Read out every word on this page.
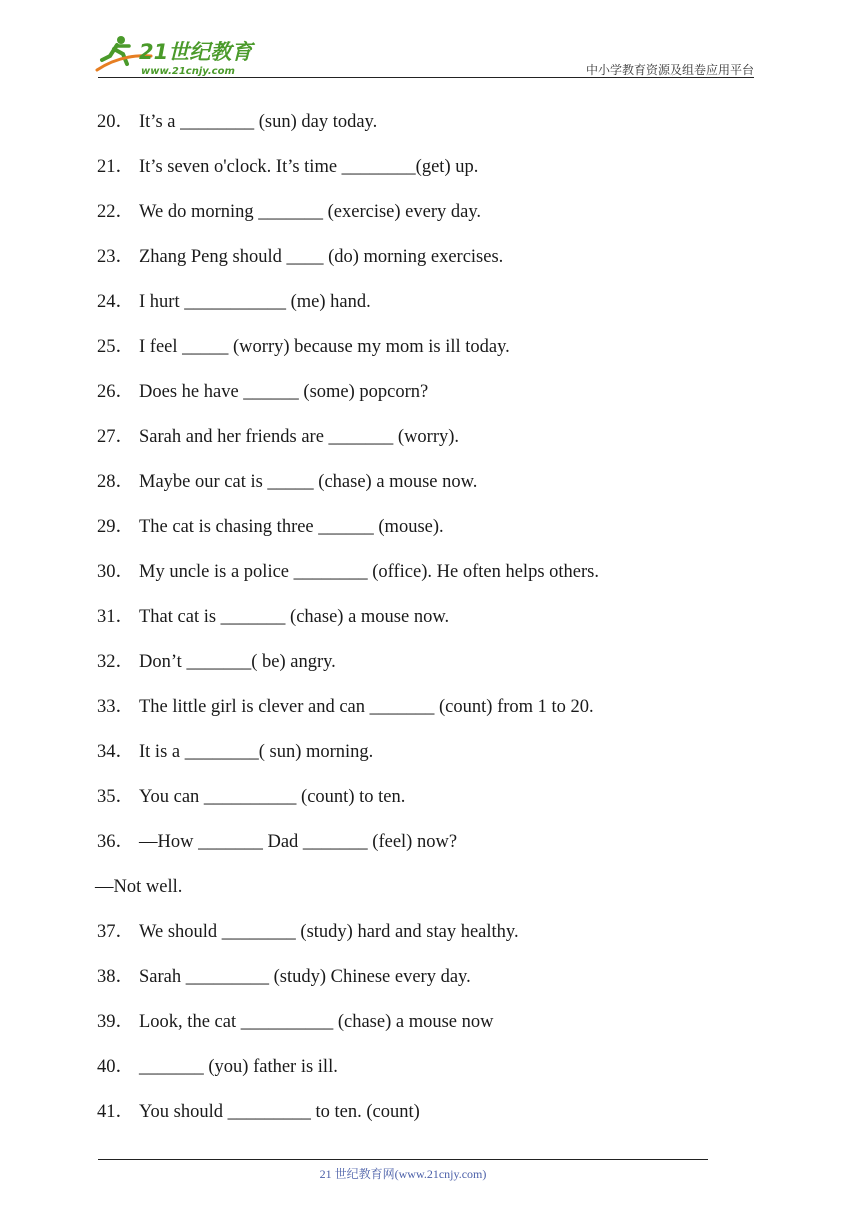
21世纪教育
www.21cnjy.com	中小学教育资源及组卷应用平台
20． It’s a ________ (sun) day today.
21． It’s seven o'clock. It’s time ________(get) up.
22． We do morning _______ (exercise) every day.
23． Zhang Peng should ____ (do) morning exercises.
24． I hurt ___________ (me) hand.
25． I feel _____ (worry) because my mom is ill today.
26． Does he have ______ (some) popcorn?
27． Sarah and her friends are _______ (worry).
28． Maybe our cat is _____ (chase) a mouse now.
29． The cat is chasing three ______ (mouse).
30． My uncle is a police ________ (office). He often helps others.
31． That cat is _______ (chase) a mouse now.
32． Don’t _______( be) angry.
33． The little girl is clever and can _______ (count) from 1 to 20.
34． It is a ________( sun) morning.
35． You can __________ (count) to ten.
36． —How _______ Dad _______ (feel) now?
—Not well.
37． We should ________ (study) hard and stay healthy.
38． Sarah _________ (study) Chinese every day.
39． Look, the cat __________ (chase) a mouse now
40． _______ (you) father is ill.
41． You should _________ to ten. (count)
21 世纪教育网(www.21cnjy.com)
